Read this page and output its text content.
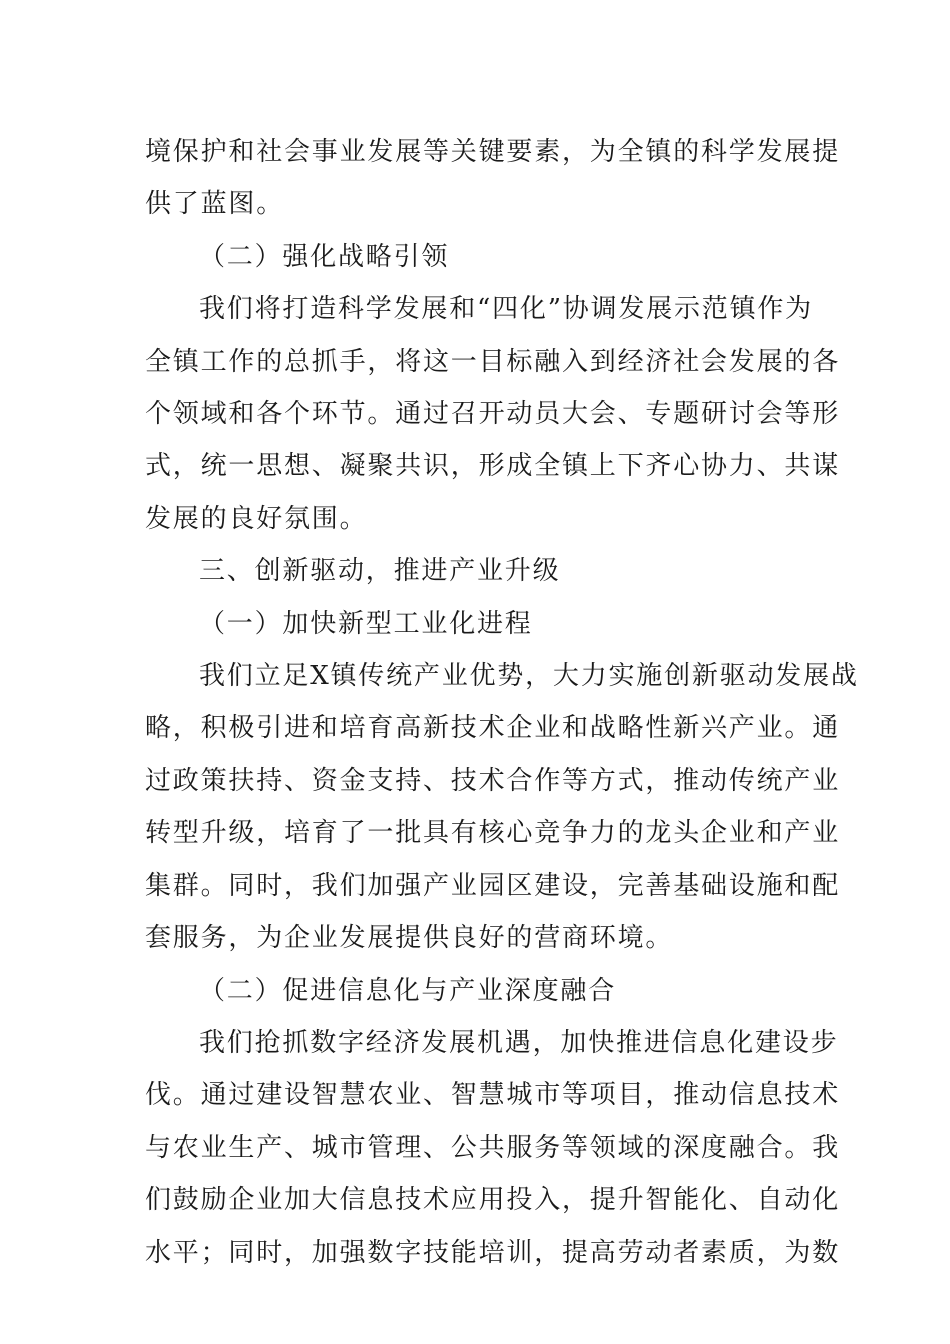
境保护和社会事业发展等关键要素，为全镇的科学发展提
供了蓝图。

（二）强化战略引领

我们将打造科学发展和“四化”协调发展示范镇作为
全镇工作的总抓手，将这一目标融入到经济社会发展的各
个领域和各个环节。通过召开动员大会、专题研讨会等形
式，统一思想、凝聚共识，形成全镇上下齐心协力、共谋
发展的良好氛围。

三、创新驱动，推进产业升级

（一）加快新型工业化进程

我们立足X镇传统产业优势，大力实施创新驱动发展战
略，积极引进和培育高新技术企业和战略性新兴产业。通
过政策扶持、资金支持、技术合作等方式，推动传统产业
转型升级，培育了一批具有核心竞争力的龙头企业和产业
集群。同时，我们加强产业园区建设，完善基础设施和配
套服务，为企业发展提供良好的营商环境。

（二）促进信息化与产业深度融合

我们抢抓数字经济发展机遇，加快推进信息化建设步
伐。通过建设智慧农业、智慧城市等项目，推动信息技术
与农业生产、城市管理、公共服务等领域的深度融合。我
们鼓励企业加大信息技术应用投入，提升智能化、自动化
水平；同时，加强数字技能培训，提高劳动者素质，为数
